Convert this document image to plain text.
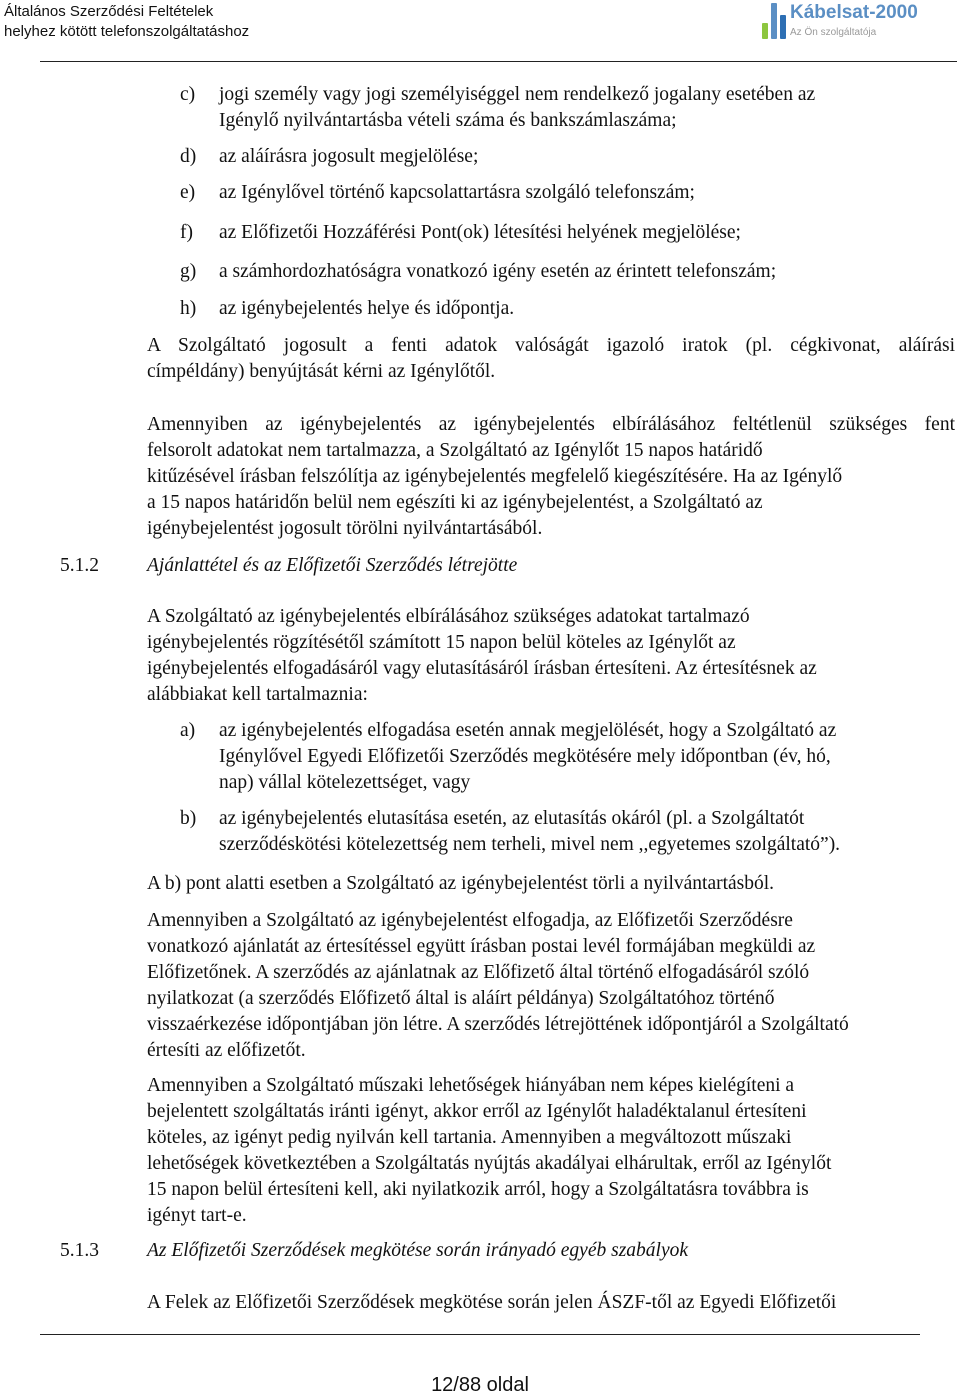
Általános Szerződési Feltételek
helyhez kötött telefonszolgáltatáshoz
Kábelsat-2000
Az Ön szolgáltatója
c) jogi személy vagy jogi személyiséggel nem rendelkező jogalany esetében az
Igénylő nyilvántartásba vételi száma és bankszámlaszáma;
d) az aláírásra jogosult megjelölése;
e) az Igénylővel történő kapcsolattartásra szolgáló telefonszám;
f) az Előfizetői Hozzáférési Pont(ok) létesítési helyének megjelölése;
g) a számhordozhatóságra vonatkozó igény esetén az érintett telefonszám;
h) az igénybejelentés helye és időpontja.
A Szolgáltató jogosult a fenti adatok valóságát igazoló iratok (pl. cégkivonat, aláírási
címpéldány) benyújtását kérni az Igénylőtől.
Amennyiben az igénybejelentés az igénybejelentés elbírálásához feltétlenül szükséges fent
felsorolt adatokat nem tartalmazza, a Szolgáltató az Igénylőt 15 napos határidő
kitűzésével írásban felszólítja az igénybejelentés megfelelő kiegészítésére. Ha az Igénylő
a 15 napos határidőn belül nem egészíti ki az igénybejelentést, a Szolgáltató az
igénybejelentést jogosult törölni nyilvántartásából.
5.1.2 Ajánlattétel és az Előfizetői Szerződés létrejötte
A Szolgáltató az igénybejelentés elbírálásához szükséges adatokat tartalmazó
igénybejelentés rögzítésétől számított 15 napon belül köteles az Igénylőt az
igénybejelentés elfogadásáról vagy elutasításáról írásban értesíteni. Az értesítésnek az
alábbiakat kell tartalmaznia:
a) az igénybejelentés elfogadása esetén annak megjelölését, hogy a Szolgáltató az
Igénylővel Egyedi Előfizetői Szerződés megkötésére mely időpontban (év, hó,
nap) vállal kötelezettséget, vagy
b) az igénybejelentés elutasítása esetén, az elutasítás okáról (pl. a Szolgáltatót
szerződéskötési kötelezettség nem terheli, mivel nem ,,egyetemes szolgáltató”).
A b) pont alatti esetben a Szolgáltató az igénybejelentést törli a nyilvántartásból.
Amennyiben a Szolgáltató az igénybejelentést elfogadja, az Előfizetői Szerződésre
vonatkozó ajánlatát az értesítéssel együtt írásban postai levél formájában megküldi az
Előfizetőnek. A szerződés az ajánlatnak az Előfizető által történő elfogadásáról szóló
nyilatkozat (a szerződés Előfizető által is aláírt példánya) Szolgáltatóhoz történő
visszaérkezése időpontjában jön létre. A szerződés létrejöttének időpontjáról a Szolgáltató
értesíti az előfizetőt.
Amennyiben a Szolgáltató műszaki lehetőségek hiányában nem képes kielégíteni a
bejelentett szolgáltatás iránti igényt, akkor erről az Igénylőt haladéktalanul értesíteni
köteles, az igényt pedig nyilván kell tartania. Amennyiben a megváltozott műszaki
lehetőségek következtében a Szolgáltatás nyújtás akadályai elhárultak, erről az Igénylőt
15 napon belül értesíteni kell, aki nyilatkozik arról, hogy a Szolgáltatásra továbbra is
igényt tart-e.
5.1.3 Az Előfizetői Szerződések megkötése során irányadó egyéb szabályok
A Felek az Előfizetői Szerződések megkötése során jelen ÁSZF-től az Egyedi Előfizetői
12/88 oldal
